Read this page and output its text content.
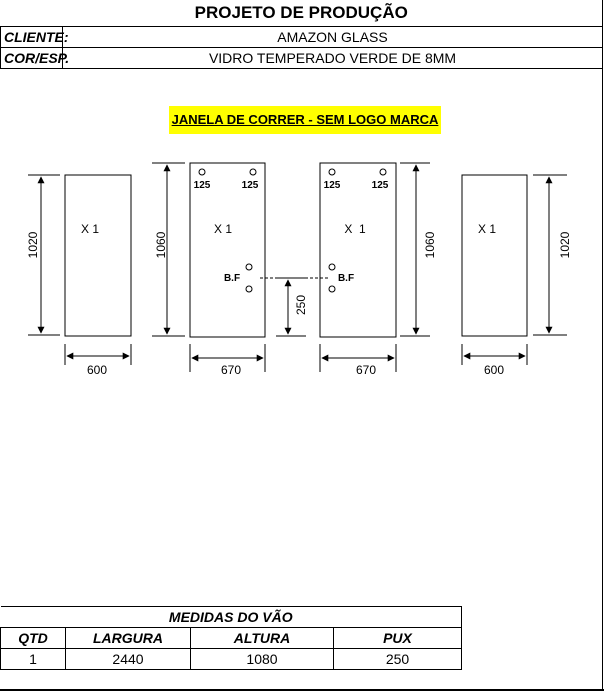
PROJETO DE PRODUÇÃO	
CLIENTE:	AMAZON GLASS
COR/ESP.	VIDRO TEMPERADO VERDE DE 8MM
JANELA DE CORRER - SEM LOGO MARCA
X 1
1020
600
125	125
X 1
B.F
1060
670
125	125
X  1
B.F
1060
670
250
X 1
1020
600
MEDIDAS DO VÃO			
QTD	LARGURA	ALTURA	PUX
1	2440	1080	250
